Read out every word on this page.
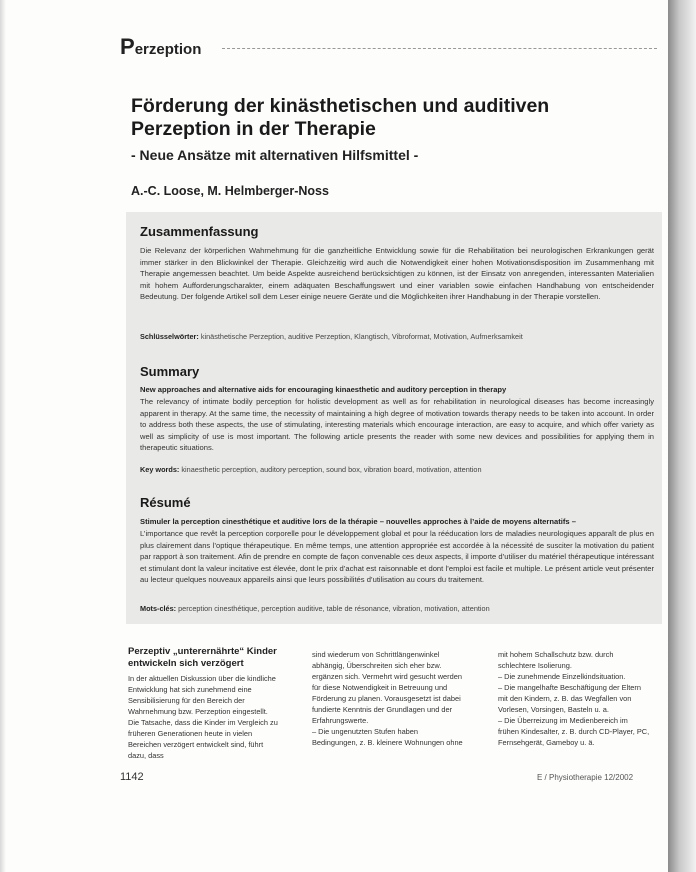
Perzeption
Förderung der kinästhetischen und auditiven Perzeption in der Therapie
- Neue Ansätze mit alternativen Hilfsmittel -
A.-C. Loose, M. Helmberger-Noss
Zusammenfassung
Die Relevanz der körperlichen Wahrnehmung für die ganzheitliche Entwicklung sowie für die Rehabilitation bei neurologischen Erkrankungen gerät immer stärker in den Blickwinkel der Therapie. Gleichzeitig wird auch die Notwendigkeit einer hohen Motivationsdisposition im Zusammenhang mit Therapie angemessen beachtet. Um beide Aspekte ausreichend berücksichtigen zu können, ist der Einsatz von anregenden, interessanten Materialien mit hohem Aufforderungscharakter, einem adäquaten Beschaffungswert und einer variablen sowie einfachen Handhabung von entscheidender Bedeutung. Der folgende Artikel soll dem Leser einige neuere Geräte und die Möglichkeiten ihrer Handhabung in der Therapie vorstellen.
Schlüsselwörter: kinästhetische Perzeption, auditive Perzeption, Klangtisch, Vibroformat, Motivation, Aufmerksamkeit
Summary
New approaches and alternative aids for encouraging kinaesthetic and auditory perception in therapy
The relevancy of intimate bodily perception for holistic development as well as for rehabilitation in neurological diseases has become increasingly apparent in therapy. At the same time, the necessity of maintaining a high degree of motivation towards therapy needs to be taken into account. In order to address both these aspects, the use of stimulating, interesting materials which encourage interaction, are easy to acquire, and which offer variety as well as simplicity of use is most important. The following article presents the reader with some new devices and possibilities for applying them in therapeutic situations.
Key words: kinaesthetic perception, auditory perception, sound box, vibration board, motivation, attention
Résumé
Stimuler la perception cinesthétique et auditive lors de la thérapie – nouvelles approches à l’aide de moyens alternatifs –
L’importance que revêt la perception corporelle pour le développement global et pour la rééducation lors de maladies neurologiques apparaît de plus en plus clairement dans l’optique thérapeutique. En même temps, une attention appropriée est accordée à la nécessité de susciter la motivation du patient par rapport à son traitement. Afin de prendre en compte de façon convenable ces deux aspects, il importe d’utiliser du matériel thérapeutique intéressant et stimulant dont la valeur incitative est élevée, dont le prix d’achat est raisonnable et dont l’emploi est facile et multiple. Le présent article veut présenter au lecteur quelques nouveaux appareils ainsi que leurs possibilités d’utilisation au cours du traitement.
Mots-clés: perception cinesthétique, perception auditive, table de résonance, vibration, motivation, attention
Perzeptiv „unterernährte“ Kinder entwickeln sich verzögert

In der aktuellen Diskussion über die kindliche Entwicklung hat sich zunehmend eine Sensibilisierung für den Bereich der Wahrnehmung bzw. Perzeption eingestellt. Die Tatsache, dass die Kinder im Vergleich zu früheren Generationen heute in vielen Bereichen verzögert entwickelt sind, führt dazu, dass

sind wiederum von Schrittlängenwinkel abhängig, Überschreiten sich eher bzw. ergänzen sich. Vermehrt wird gesucht werden für diese Notwendigkeit in Betreuung und Förderung zu planen. Vorausgesetzt ist dabei fundierte Kenntnis der Grundlagen und der Erfahrungswerte.

– Die ungenutzten Stufen haben Bedingungen, z. B. kleinere Wohnungen ohne
mit hohem Schallschutz bzw. durch schlechtere Isolierung.
– Die zunehmende Einzelkindsituation.
– Die mangelhafte Beschäftigung der Eltern mit den Kindern, z. B. das Wegfallen von Vorlesen, Vorsingen, Basteln u. a.
– Die Überreizung im Medienbereich im frühen Kindesalter, z. B. durch CD-Player, PC, Fernsehgerät, Gameboy u. ä.
1142	E / Physiotherapie 12/2002
